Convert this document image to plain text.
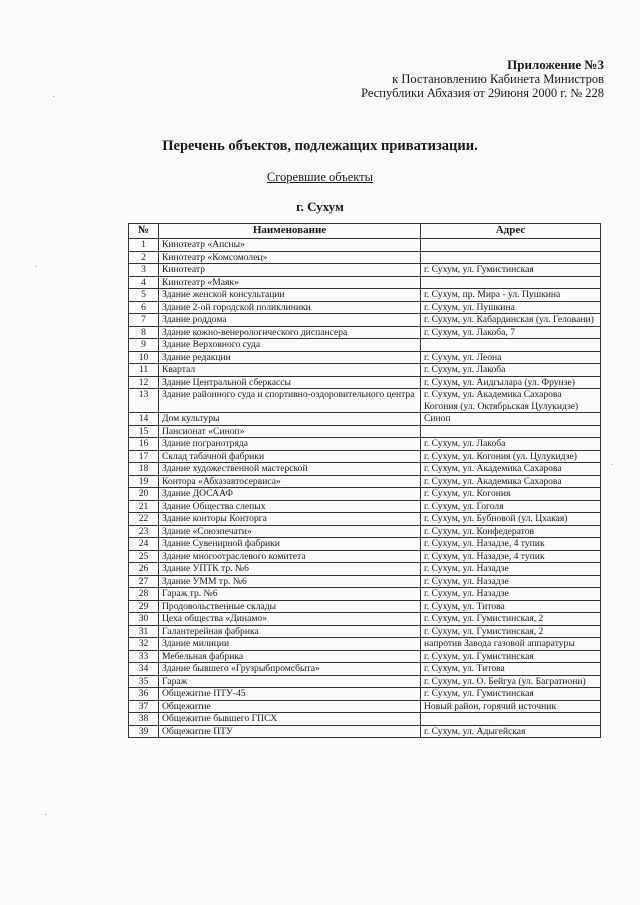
Приложение №3
к Постановлению Кабинета Министров
Республики Абхазия от 29июня 2000 г. № 228
Перечень объектов, подлежащих приватизации.
Сгоревшие объекты
г. Сухум
№	Наименование	Адрес
1	Кинотеатр «Апсны»	
2	Кинотеатр «Комсомолец»	
3	Кинотеатр	г. Сухум, ул. Гумистинская
4	Кинотеатр «Маяк»	
5	Здание женской консультации	г. Сухум, пр. Мира - ул. Пушкина
6	Здание 2-ой городской поликлиники	г. Сухум, ул. Пушкина
7	Здание роддома	г. Сухум, ул. Кабардинская (ул. Геловани)
8	Здание кожно-венерологического диспансера	г. Сухум, ул. Лакоба, 7
9	Здание Верховного суда	
10	Здание редакции	г. Сухум, ул. Леона
11	Квартал	г. Сухум, ул. Лакоба
12	Здание Центральной сберкассы	г. Сухум, ул. Аидгылара (ул. Фрунзе)
13	Здание районного суда и спортивно-оздоровительного центра	г. Сухум, ул. Академика Сахарова Когония (ул. Октябрьская Цулукидзе)
14	Дом культуры	Синоп
15	Пансионат «Синоп»	
16	Здание погранотряда	г. Сухум, ул. Лакоба
17	Склад табачной фабрики	г. Сухум, ул. Когония (ул. Цулукидзе)
18	Здание художественной мастерской	г. Сухум, ул. Академика Сахарова
19	Контора «Абхазавтосервиса»	г. Сухум, ул. Академика Сахарова
20	Здание ДОСААФ	г. Сухум, ул. Когония
21	Здание Общества слепых	г. Сухум, ул. Гоголя
22	Здание конторы Конторга	г. Сухум, ул. Бубновой (ул. Цхакая)
23	Здание «Союзпечати»	г. Сухум, ул. Конфедератов
24	Здание Сувенирной фабрики	г. Сухум, ул. Назадзе, 4 тупик
25	Здание многоотраслевого комитета	г. Сухум, ул. Назадзе, 4 тупик
26	Здание УПТК тр. №6	г. Сухум, ул. Назадзе
27	Здание УММ тр. №6	г. Сухум, ул. Назадзе
28	Гараж тр. №6	г. Сухум, ул. Назадзе
29	Продовольственные склады	г. Сухум, ул. Титова
30	Цеха общества «Динамо»	г. Сухум, ул. Гумистинская, 2
31	Галантерейная фабрика	г. Сухум, ул. Гумистинская, 2
32	Здание милиции	напротив Завода газовой аппаратуры
33	Мебельная фабрика	г. Сухум, ул. Гумистинская
34	Здание бывшего «Грузрыбпромсбыта»	г. Сухум, ул. Титова
35	Гараж	г. Сухум, ул. О. Бейгуа (ул. Багратиони)
36	Общежитие ПТУ-45	г. Сухум, ул. Гумистинская
37	Общежитие	Новый район, горячий источник
38	Общежитие бывшего ГПСХ	
39	Общежитие ПТУ	г. Сухум, ул. Адыгейская
·
·
·
·
